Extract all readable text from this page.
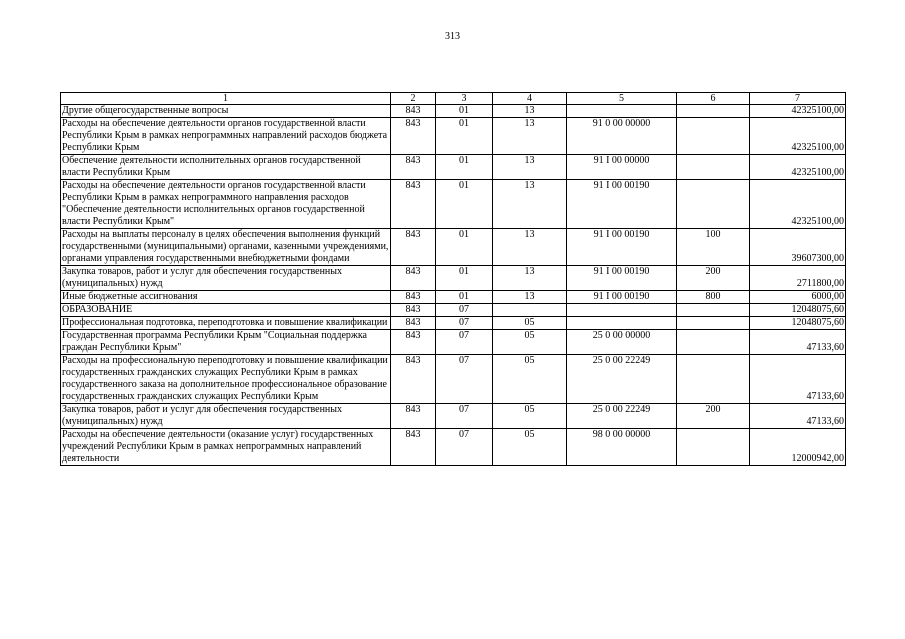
313
1	2	3	4	5	6	7
Другие общегосударственные вопросы	843	01	13			42325100,00
Расходы на обеспечение деятельности органов государственной власти Республики Крым в рамках непрограммных направлений расходов бюджета Республики Крым	843	01	13	91 0 00 00000		42325100,00
Обеспечение деятельности исполнительных органов государственной власти Республики Крым	843	01	13	91 I 00 00000		42325100,00
Расходы на обеспечение деятельности органов государственной власти Республики Крым в рамках непрограммного направления расходов "Обеспечение деятельности исполнительных органов государственной власти Республики Крым"	843	01	13	91 I 00 00190		42325100,00
Расходы на выплаты персоналу в целях обеспечения выполнения функций государственными (муниципальными) органами, казенными учреждениями, органами управления государственными внебюджетными фондами	843	01	13	91 I 00 00190	100	39607300,00
Закупка товаров, работ и услуг для обеспечения государственных (муниципальных) нужд	843	01	13	91 I 00 00190	200	2711800,00
Иные бюджетные ассигнования	843	01	13	91 I 00 00190	800	6000,00
ОБРАЗОВАНИЕ	843	07				12048075,60
Профессиональная подготовка, переподготовка и повышение квалификации	843	07	05			12048075,60
Государственная программа Республики Крым "Социальная поддержка граждан Республики Крым"	843	07	05	25 0 00 00000		47133,60
Расходы на профессиональную переподготовку и повышение квалификации государственных гражданских служащих Республики Крым в рамках государственного заказа на дополнительное профессиональное образование государственных гражданских служащих Республики Крым	843	07	05	25 0 00 22249		47133,60
Закупка товаров, работ и услуг для обеспечения государственных (муниципальных) нужд	843	07	05	25 0 00 22249	200	47133,60
Расходы на обеспечение деятельности (оказание услуг) государственных учреждений Республики Крым в рамках непрограммных направлений деятельности	843	07	05	98 0 00 00000		12000942,00
